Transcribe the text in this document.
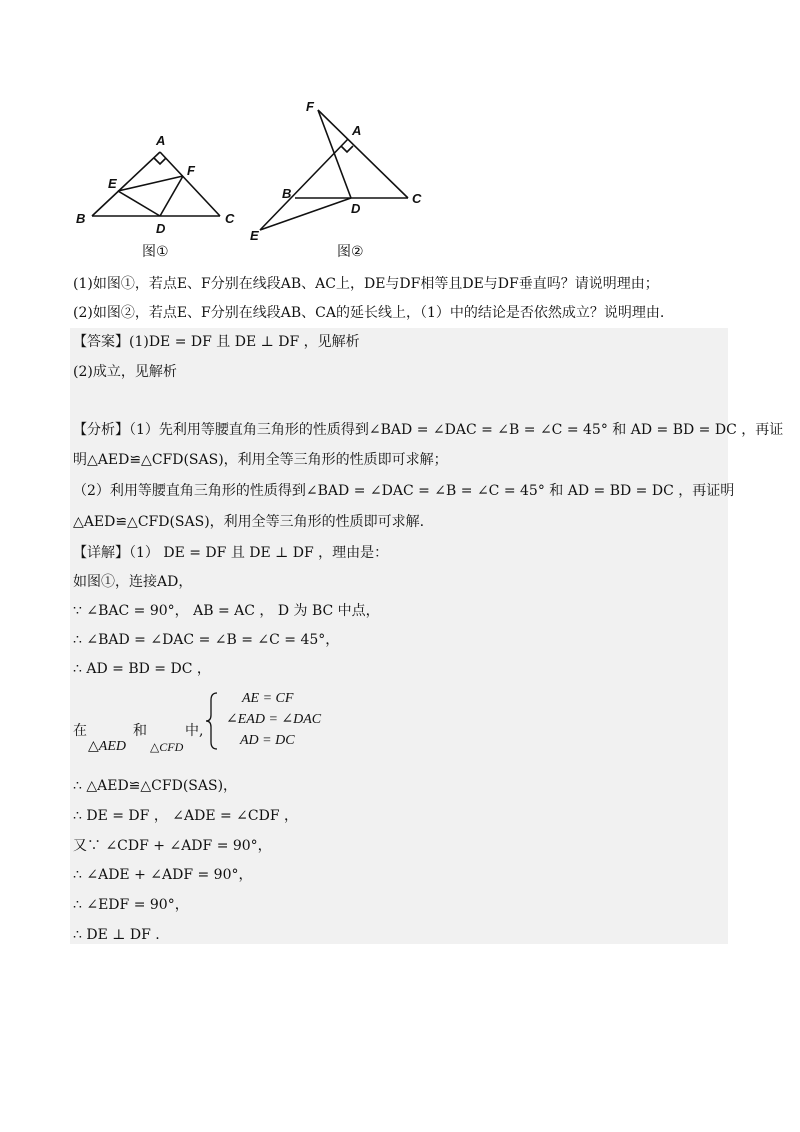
A
B	C
D
E
F
图①
F
A
B	C
D
E
图②
(1)如图①，若点E、F分别在线段AB、AC上，DE与DF相等且DE与DF垂直吗？请说明理由；
(2)如图②，若点E、F分别在线段AB、CA的延长线上，（1）中的结论是否依然成立？说明理由.
【答案】(1)DE = DF 且 DE ⊥ DF ，见解析
(2)成立，见解析
【分析】（1）先利用等腰直角三角形的性质得到∠BAD = ∠DAC = ∠B = ∠C = 45° 和 AD = BD = DC ，再证
明△AED≌△CFD(SAS)，利用全等三角形的性质即可求解；
（2）利用等腰直角三角形的性质得到∠BAD = ∠DAC = ∠B = ∠C = 45° 和 AD = BD = DC ，再证明
△AED≌△CFD(SAS)，利用全等三角形的性质即可求解.
【详解】（1） DE = DF 且 DE ⊥ DF ，理由是：
如图①，连接AD，
∵ ∠BAC = 90°， AB = AC ， D 为 BC 中点，
∴ ∠BAD = ∠DAC = ∠B = ∠C = 45°，
∴ AD = BD = DC ，
在	和	中,
△AED △CFD
AE = CF
∠EAD = ∠DAC
AD = DC
∴ △AED≌△CFD(SAS)，
∴ DE = DF ， ∠ADE = ∠CDF ，
又∵ ∠CDF + ∠ADF = 90°，
∴ ∠ADE + ∠ADF = 90°，
∴ ∠EDF = 90°，
∴ DE ⊥ DF .
